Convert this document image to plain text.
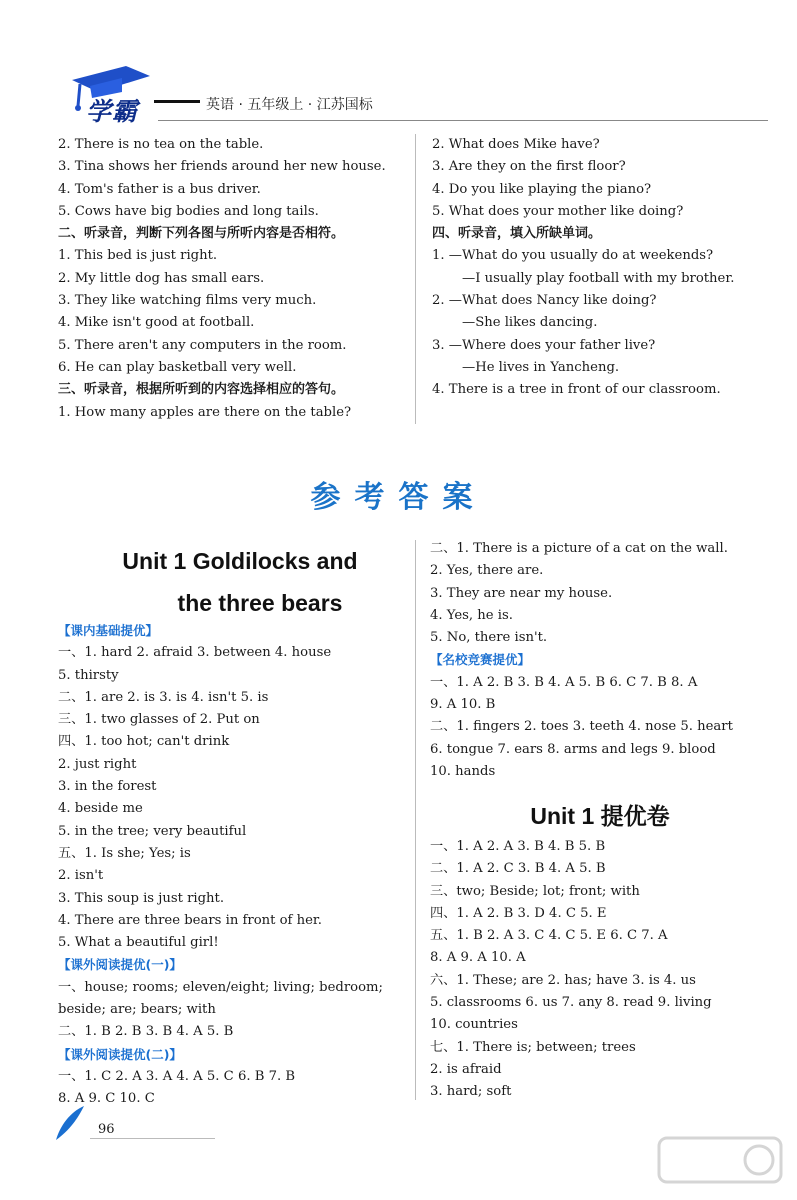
学霸	英语 · 五年级上 · 江苏国标
2. There is no tea on the table.
3. Tina shows her friends around her new house.
4. Tom's father is a bus driver.
5. Cows have big bodies and long tails.
二、听录音，判断下列各图与所听内容是否相符。
1. This bed is just right.
2. My little dog has small ears.
3. They like watching films very much.
4. Mike isn't good at football.
5. There aren't any computers in the room.
6. He can play basketball very well.
三、听录音，根据所听到的内容选择相应的答句。
1. How many apples are there on the table?
2. What does Mike have?
3. Are they on the first floor?
4. Do you like playing the piano?
5. What does your mother like doing?
四、听录音，填入所缺单词。
1. —What do you usually do at weekends?
—I usually play football with my brother.
2. —What does Nancy like doing?
—She likes dancing.
3. —Where does your father live?
—He lives in Yancheng.
4. There is a tree in front of our classroom.
参考答案
Unit 1 Goldilocks and
the three bears
【课内基础提优】
一、1. hard 2. afraid 3. between 4. house
5. thirsty
二、1. are 2. is 3. is 4. isn't 5. is
三、1. two glasses of 2. Put on
四、1. too hot; can't drink
2. just right
3. in the forest
4. beside me
5. in the tree; very beautiful
五、1. Is she; Yes; is
2. isn't
3. This soup is just right.
4. There are three bears in front of her.
5. What a beautiful girl!
【课外阅读提优(一)】
一、house; rooms; eleven/eight; living; bedroom;
beside; are; bears; with
二、1. B 2. B 3. B 4. A 5. B
【课外阅读提优(二)】
一、1. C 2. A 3. A 4. A 5. C 6. B 7. B
8. A 9. C 10. C
二、1. There is a picture of a cat on the wall.
2. Yes, there are.
3. They are near my house.
4. Yes, he is.
5. No, there isn't.
【名校竞赛提优】
一、1. A 2. B 3. B 4. A 5. B 6. C 7. B 8. A
9. A 10. B
二、1. fingers 2. toes 3. teeth 4. nose 5. heart
6. tongue 7. ears 8. arms and legs 9. blood
10. hands
Unit 1 提优卷
一、1. A 2. A 3. B 4. B 5. B
二、1. A 2. C 3. B 4. A 5. B
三、two; Beside; lot; front; with
四、1. A 2. B 3. D 4. C 5. E
五、1. B 2. A 3. C 4. C 5. E 6. C 7. A
8. A 9. A 10. A
六、1. These; are 2. has; have 3. is 4. us
5. classrooms 6. us 7. any 8. read 9. living
10. countries
七、1. There is; between; trees
2. is afraid
3. hard; soft
96
